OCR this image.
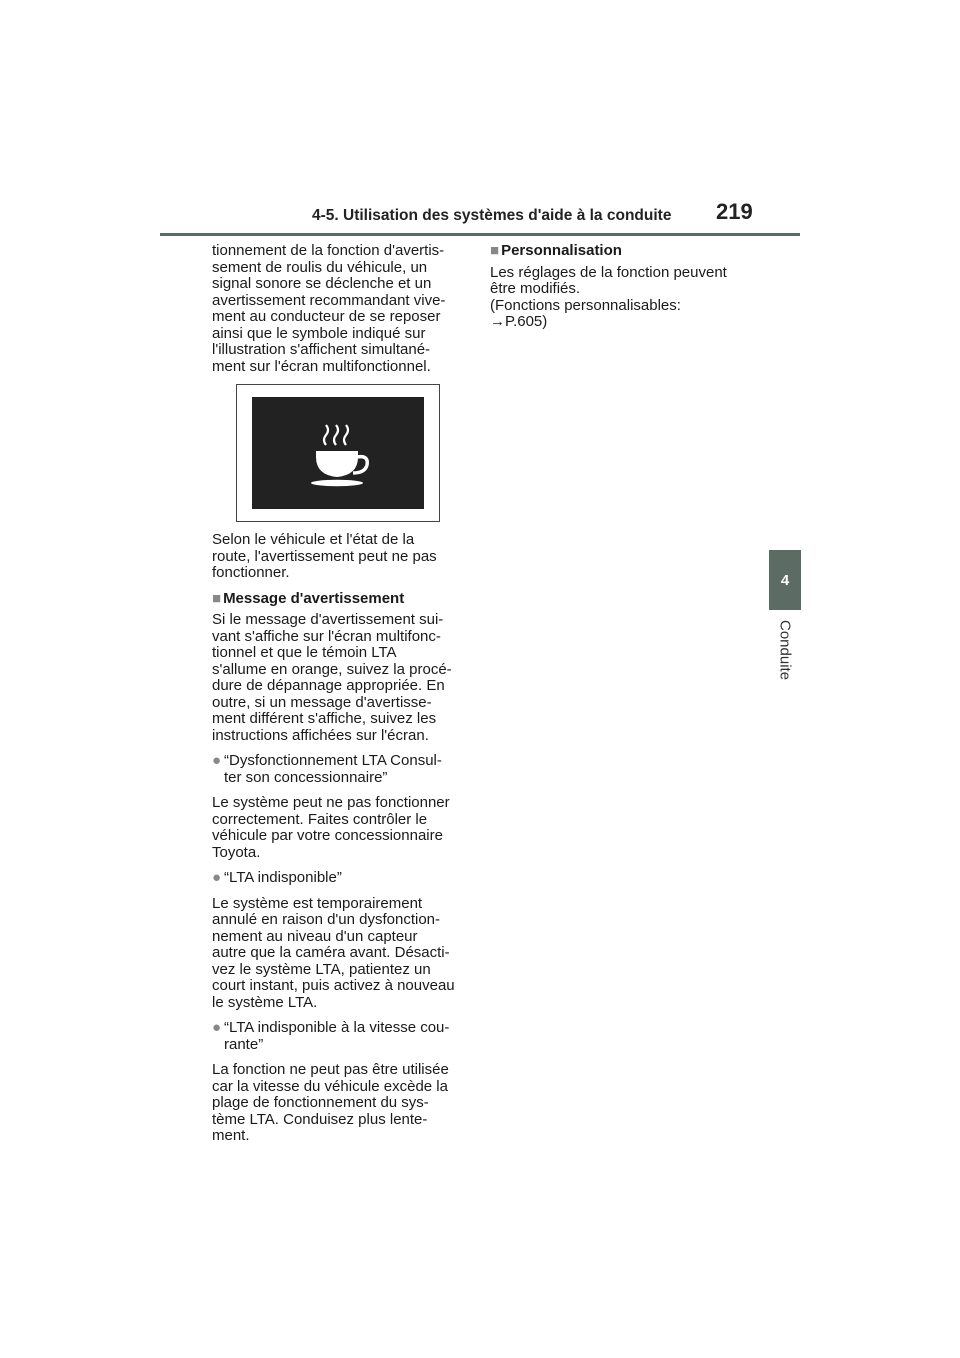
4-5. Utilisation des systèmes d'aide à la conduite 219
4
Conduite

tionnement de la fonction d'avertis-
sement de roulis du véhicule, un
signal sonore se déclenche et un
avertissement recommandant vive-
ment au conducteur de se reposer
ainsi que le symbole indiqué sur
l'illustration s'affichent simultané-
ment sur l'écran multifonctionnel.

Selon le véhicule et l'état de la
route, l'avertissement peut ne pas
fonctionner.

■ Message d'avertissement

Si le message d'avertissement sui-
vant s'affiche sur l'écran multifonc-
tionnel et que le témoin LTA
s'allume en orange, suivez la procé-
dure de dépannage appropriée. En
outre, si un message d'avertisse-
ment différent s'affiche, suivez les
instructions affichées sur l'écran.

● “Dysfonctionnement LTA Consul-
ter son concessionnaire”

Le système peut ne pas fonctionner
correctement. Faites contrôler le
véhicule par votre concessionnaire
Toyota.

● “LTA indisponible”

Le système est temporairement
annulé en raison d'un dysfonction-
nement au niveau d'un capteur
autre que la caméra avant. Désacti-
vez le système LTA, patientez un
court instant, puis activez à nouveau
le système LTA.

● “LTA indisponible à la vitesse cou-
rante”

La fonction ne peut pas être utilisée
car la vitesse du véhicule excède la
plage de fonctionnement du sys-
tème LTA. Conduisez plus lente-
ment.

■ Personnalisation

Les réglages de la fonction peuvent
être modifiés.
(Fonctions personnalisables:
→P.605)
